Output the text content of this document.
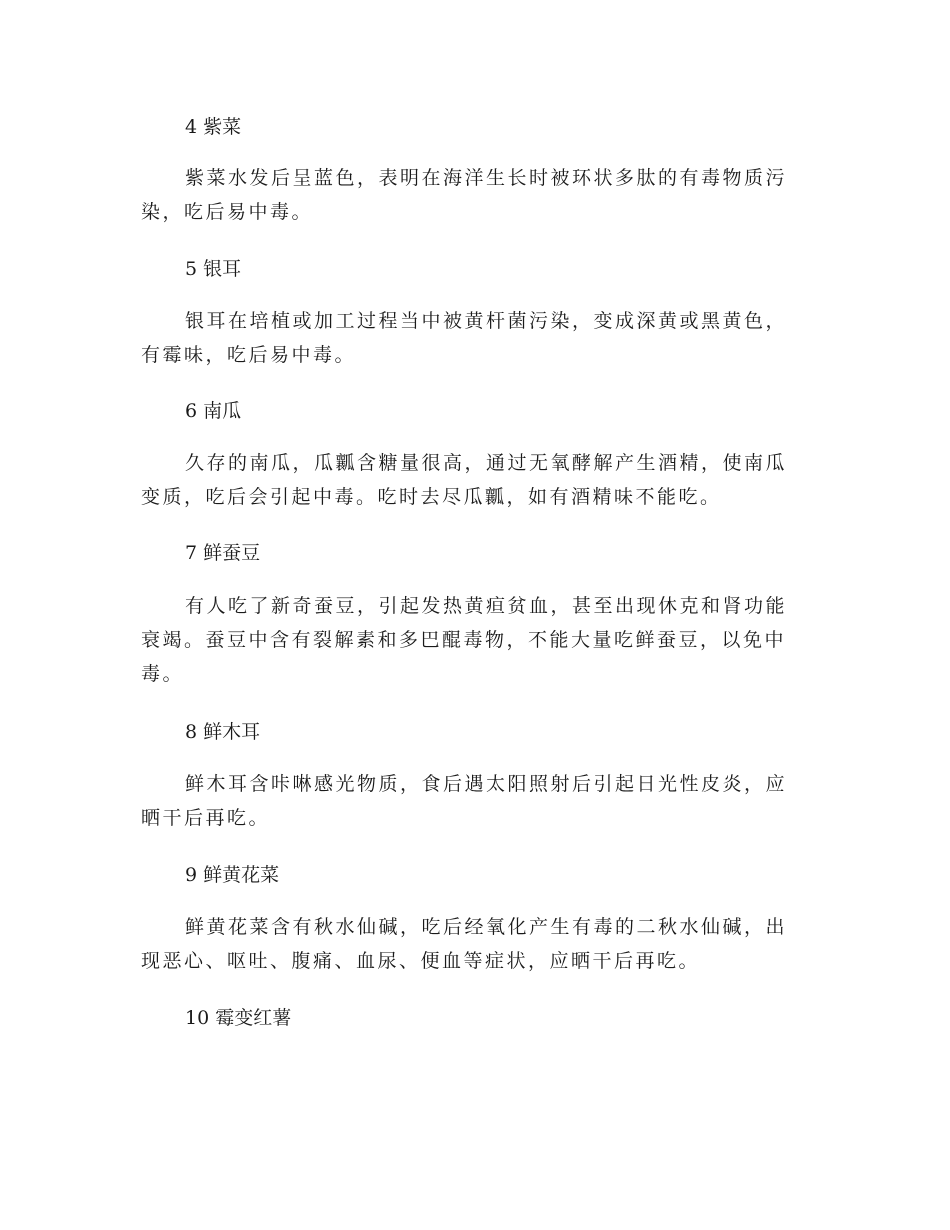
4 紫菜

紫菜水发后呈蓝色，表明在海洋生长时被环状多肽的有毒物质污染，吃后易中毒。

5 银耳

银耳在培植或加工过程当中被黄杆菌污染，变成深黄或黑黄色，有霉味，吃后易中毒。

6 南瓜

久存的南瓜，瓜瓤含糖量很高，通过无氧酵解产生酒精，使南瓜变质，吃后会引起中毒。吃时去尽瓜瓤，如有酒精味不能吃。

7 鲜蚕豆

有人吃了新奇蚕豆，引起发热黄疸贫血，甚至出现休克和肾功能衰竭。蚕豆中含有裂解素和多巴醌毒物，不能大量吃鲜蚕豆，以免中毒。

8 鲜木耳

鲜木耳含咔啉感光物质，食后遇太阳照射后引起日光性皮炎，应晒干后再吃。

9 鲜黄花菜

鲜黄花菜含有秋水仙碱，吃后经氧化产生有毒的二秋水仙碱，出现恶心、呕吐、腹痛、血尿、便血等症状，应晒干后再吃。

10 霉变红薯
